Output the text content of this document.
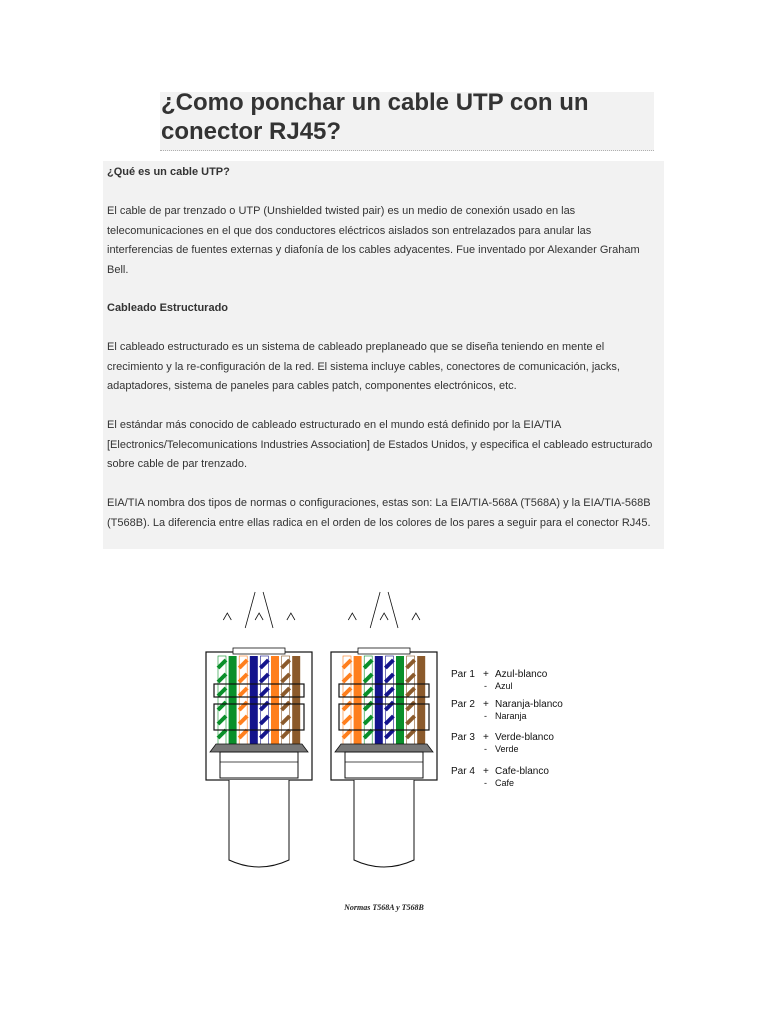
¿Como ponchar un cable UTP con un conector RJ45?

¿Qué es un cable UTP?

El cable de par trenzado o UTP (Unshielded twisted pair) es un medio de conexión usado en las telecomunicaciones en el que dos conductores eléctricos aislados son entrelazados para anular las interferencias de fuentes externas y diafonía de los cables adyacentes. Fue inventado por Alexander Graham Bell.

Cableado Estructurado

El cableado estructurado es un sistema de cableado preplaneado que se diseña teniendo en mente el crecimiento y la re-configuración de la red. El sistema incluye cables, conectores de comunicación, jacks, adaptadores, sistema de paneles para cables patch, componentes electrónicos, etc.

El estándar más conocido de cableado estructurado en el mundo está definido por la EIA/TIA [Electronics/Telecomunications Industries Association] de Estados Unidos, y especifica el cableado estructurado sobre cable de par trenzado.

EIA/TIA nombra dos tipos de normas o configuraciones, estas son: La EIA/TIA-568A (T568A) y la EIA/TIA-568B (T568B). La diferencia entre ellas radica en el orden de los colores de los pares a seguir para el conector RJ45.

Par 1 + Azul-blanco
- Azul
Par 2 + Naranja-blanco
- Naranja
Par 3 + Verde-blanco
- Verde
Par 4 + Cafe-blanco
- Cafe

Normas T568A y T568B
